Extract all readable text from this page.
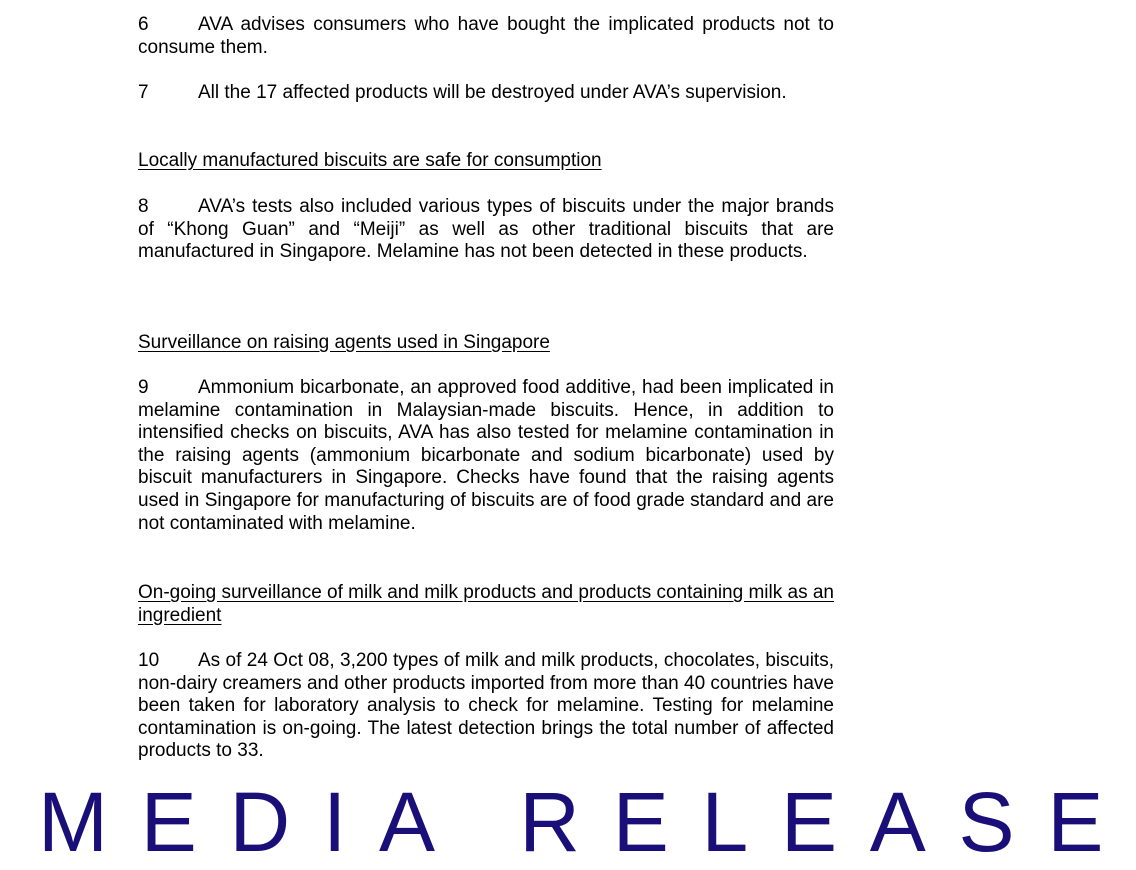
6	AVA advises consumers who have bought the implicated products not to consume them.

7	All the 17 affected products will be destroyed under AVA’s supervision.

Locally manufactured biscuits are safe for consumption

8	AVA’s tests also included various types of biscuits under the major brands of “Khong Guan” and “Meiji” as well as other traditional biscuits that are manufactured in Singapore. Melamine has not been detected in these products.

Surveillance on raising agents used in Singapore

9	Ammonium bicarbonate, an approved food additive, had been implicated in melamine contamination in Malaysian-made biscuits. Hence, in addition to intensified checks on biscuits, AVA has also tested for melamine contamination in the raising agents (ammonium bicarbonate and sodium bicarbonate) used by biscuit manufacturers in Singapore. Checks have found that the raising agents used in Singapore for manufacturing of biscuits are of food grade standard and are not contaminated with melamine.

On-going surveillance of milk and milk products and products containing milk as an ingredient

10 As of 24 Oct 08, 3,200 types of milk and milk products, chocolates, biscuits, non-dairy creamers and other products imported from more than 40 countries have been taken for laboratory analysis to check for melamine. Testing for melamine contamination is on-going. The latest detection brings the total number of affected products to 33.

MEDIA RELEASE
